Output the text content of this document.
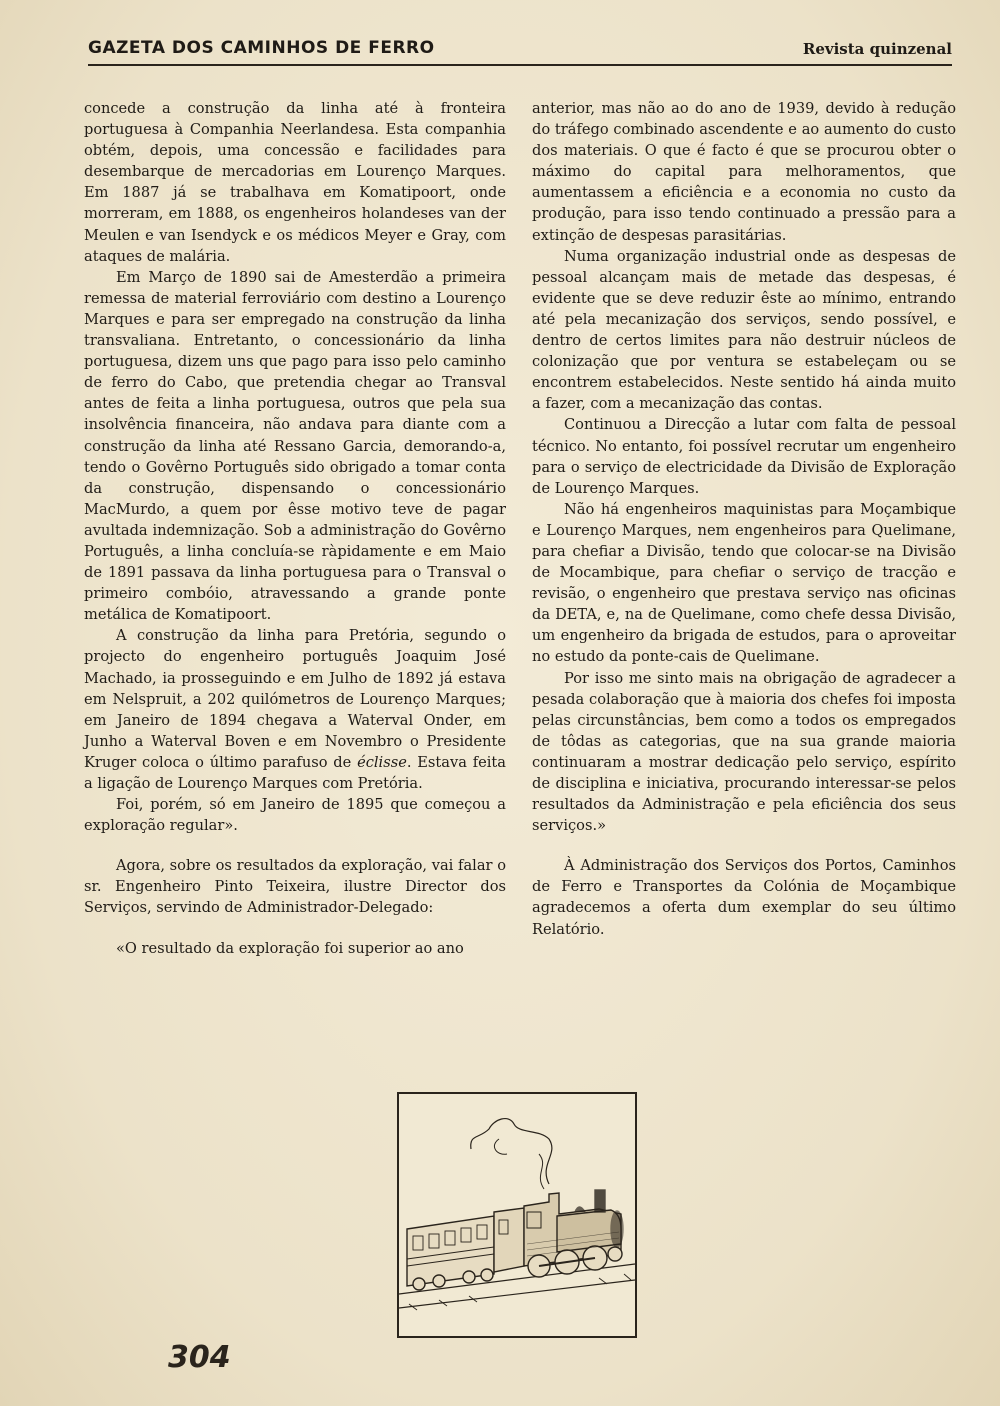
GAZETA DOS CAMINHOS DE FERRO	Revista quinzenal

concede a construção da linha até à fronteira portuguesa à Companhia Neerlandesa. Esta companhia obtém, depois, uma concessão e facilidades para desembarque de mercadorias em Lourenço Marques. Em 1887 já se trabalhava em Komatipoort, onde morreram, em 1888, os engenheiros holandeses van der Meulen e van Isendyck e os médicos Meyer e Gray, com ataques de malária.

Em Março de 1890 sai de Amesterdão a primeira remessa de material ferroviário com destino a Lourenço Marques e para ser empregado na construção da linha transvaliana. Entretanto, o concessionário da linha portuguesa, dizem uns que pago para isso pelo caminho de ferro do Cabo, que pretendia chegar ao Transval antes de feita a linha portuguesa, outros que pela sua insolvência financeira, não andava para diante com a construção da linha até Ressano Garcia, demorando-a, tendo o Govêrno Português sido obrigado a tomar conta da construção, dispensando o concessionário MacMurdo, a quem por êsse motivo teve de pagar avultada indemnização. Sob a administração do Govêrno Português, a linha concluía-se ràpidamente e em Maio de 1891 passava da linha portuguesa para o Transval o primeiro combóio, atravessando a grande ponte metálica de Komatipoort.

A construção da linha para Pretória, segundo o projecto do engenheiro português Joaquim José Machado, ia prosseguindo e em Julho de 1892 já estava em Nelspruit, a 202 quilómetros de Lourenço Marques; em Janeiro de 1894 chegava a Waterval Onder, em Junho a Waterval Boven e em Novembro o Presidente Kruger coloca o último parafuso de éclisse. Estava feita a ligação de Lourenço Marques com Pretória.

Foi, porém, só em Janeiro de 1895 que começou a exploração regular».

Agora, sobre os resultados da exploração, vai falar o sr. Engenheiro Pinto Teixeira, ilustre Director dos Serviços, servindo de Administrador-Delegado:

«O resultado da exploração foi superior ao ano

anterior, mas não ao do ano de 1939, devido à redução do tráfego combinado ascendente e ao aumento do custo dos materiais. O que é facto é que se procurou obter o máximo do capital para melhoramentos, que aumentassem a eficiência e a economia no custo da produção, para isso tendo continuado a pressão para a extinção de despesas parasitárias.

Numa organização industrial onde as despesas de pessoal alcançam mais de metade das despesas, é evidente que se deve reduzir êste ao mínimo, entrando até pela mecanização dos serviços, sendo possível, e dentro de certos limites para não destruir núcleos de colonização que por ventura se estabeleçam ou se encontrem estabelecidos. Neste sentido há ainda muito a fazer, com a mecanização das contas.

Continuou a Direcção a lutar com falta de pessoal técnico. No entanto, foi possível recrutar um engenheiro para o serviço de electricidade da Divisão de Exploração de Lourenço Marques.

Não há engenheiros maquinistas para Moçambique e Lourenço Marques, nem engenheiros para Quelimane, para chefiar a Divisão, tendo que colocar-se na Divisão de Mocambique, para chefiar o serviço de tracção e revisão, o engenheiro que prestava serviço nas oficinas da DETA, e, na de Quelimane, como chefe dessa Divisão, um engenheiro da brigada de estudos, para o aproveitar no estudo da ponte-cais de Quelimane.

Por isso me sinto mais na obrigação de agradecer a pesada colaboração que à maioria dos chefes foi imposta pelas circunstâncias, bem como a todos os empregados de tôdas as categorias, que na sua grande maioria continuaram a mostrar dedicação pelo serviço, espírito de disciplina e iniciativa, procurando interessar-se pelos resultados da Administração e pela eficiência dos seus serviços.»

À Administração dos Serviços dos Portos, Caminhos de Ferro e Transportes da Colónia de Moçambique agradecemos a oferta dum exemplar do seu último Relatório.

304
